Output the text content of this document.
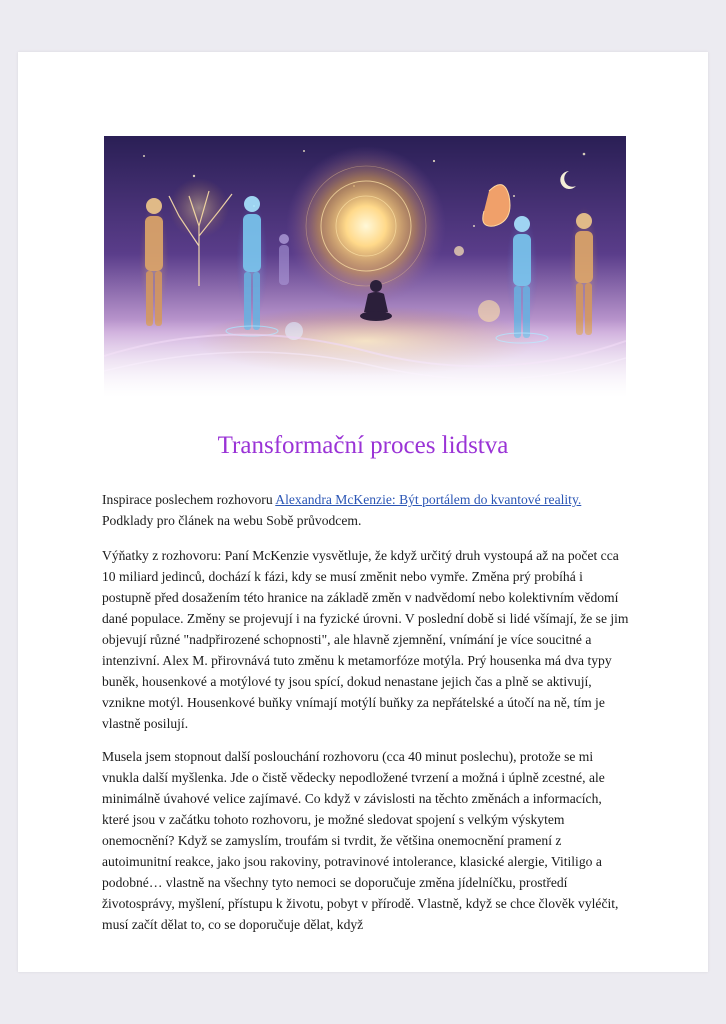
Transformační proces lidstva

Inspirace poslechem rozhovoru Alexandra McKenzie: Být portálem do kvantové reality.

Podklady pro článek na webu Sobě průvodcem.

Výňatky z rozhovoru: Paní McKenzie vysvětluje, že když určitý druh vystoupá až na počet cca 10 miliard jedinců, dochází k fázi, kdy se musí změnit nebo vymře. Změna prý probíhá i postupně před dosažením této hranice na základě změn v nadvědomí nebo kolektivním vědomí dané populace. Změny se projevují i na fyzické úrovni. V poslední době si lidé všímají, že se jim objevují různé "nadpřirozené schopnosti", ale hlavně zjemnění, vnímání je více soucitné a intenzivní. Alex M. přirovnává tuto změnu k metamorfóze motýla. Prý housenka má dva typy buněk, housenkové a motýlové ty jsou spící, dokud nenastane jejich čas a plně se aktivují, vznikne motýl. Housenkové buňky vnímají motýlí buňky za nepřátelské a útočí na ně, tím je vlastně posilují.

Musela jsem stopnout další poslouchání rozhovoru (cca 40 minut poslechu), protože se mi vnukla další myšlenka. Jde o čistě vědecky nepodložené tvrzení a možná i úplně zcestné, ale minimálně úvahové velice zajímavé. Co když v závislosti na těchto změnách a informacích, které jsou v začátku tohoto rozhovoru, je možné sledovat spojení s velkým výskytem onemocnění? Když se zamyslím, troufám si tvrdit, že většina onemocnění pramení z autoimunitní reakce, jako jsou rakoviny, potravinové intolerance, klasické alergie, Vitiligo a podobné… vlastně na všechny tyto nemoci se doporučuje změna jídelníčku, prostředí životosprávy, myšlení, přístupu k životu, pobyt v přírodě. Vlastně, když se chce člověk vyléčit, musí začít dělat to, co se doporučuje dělat, když
